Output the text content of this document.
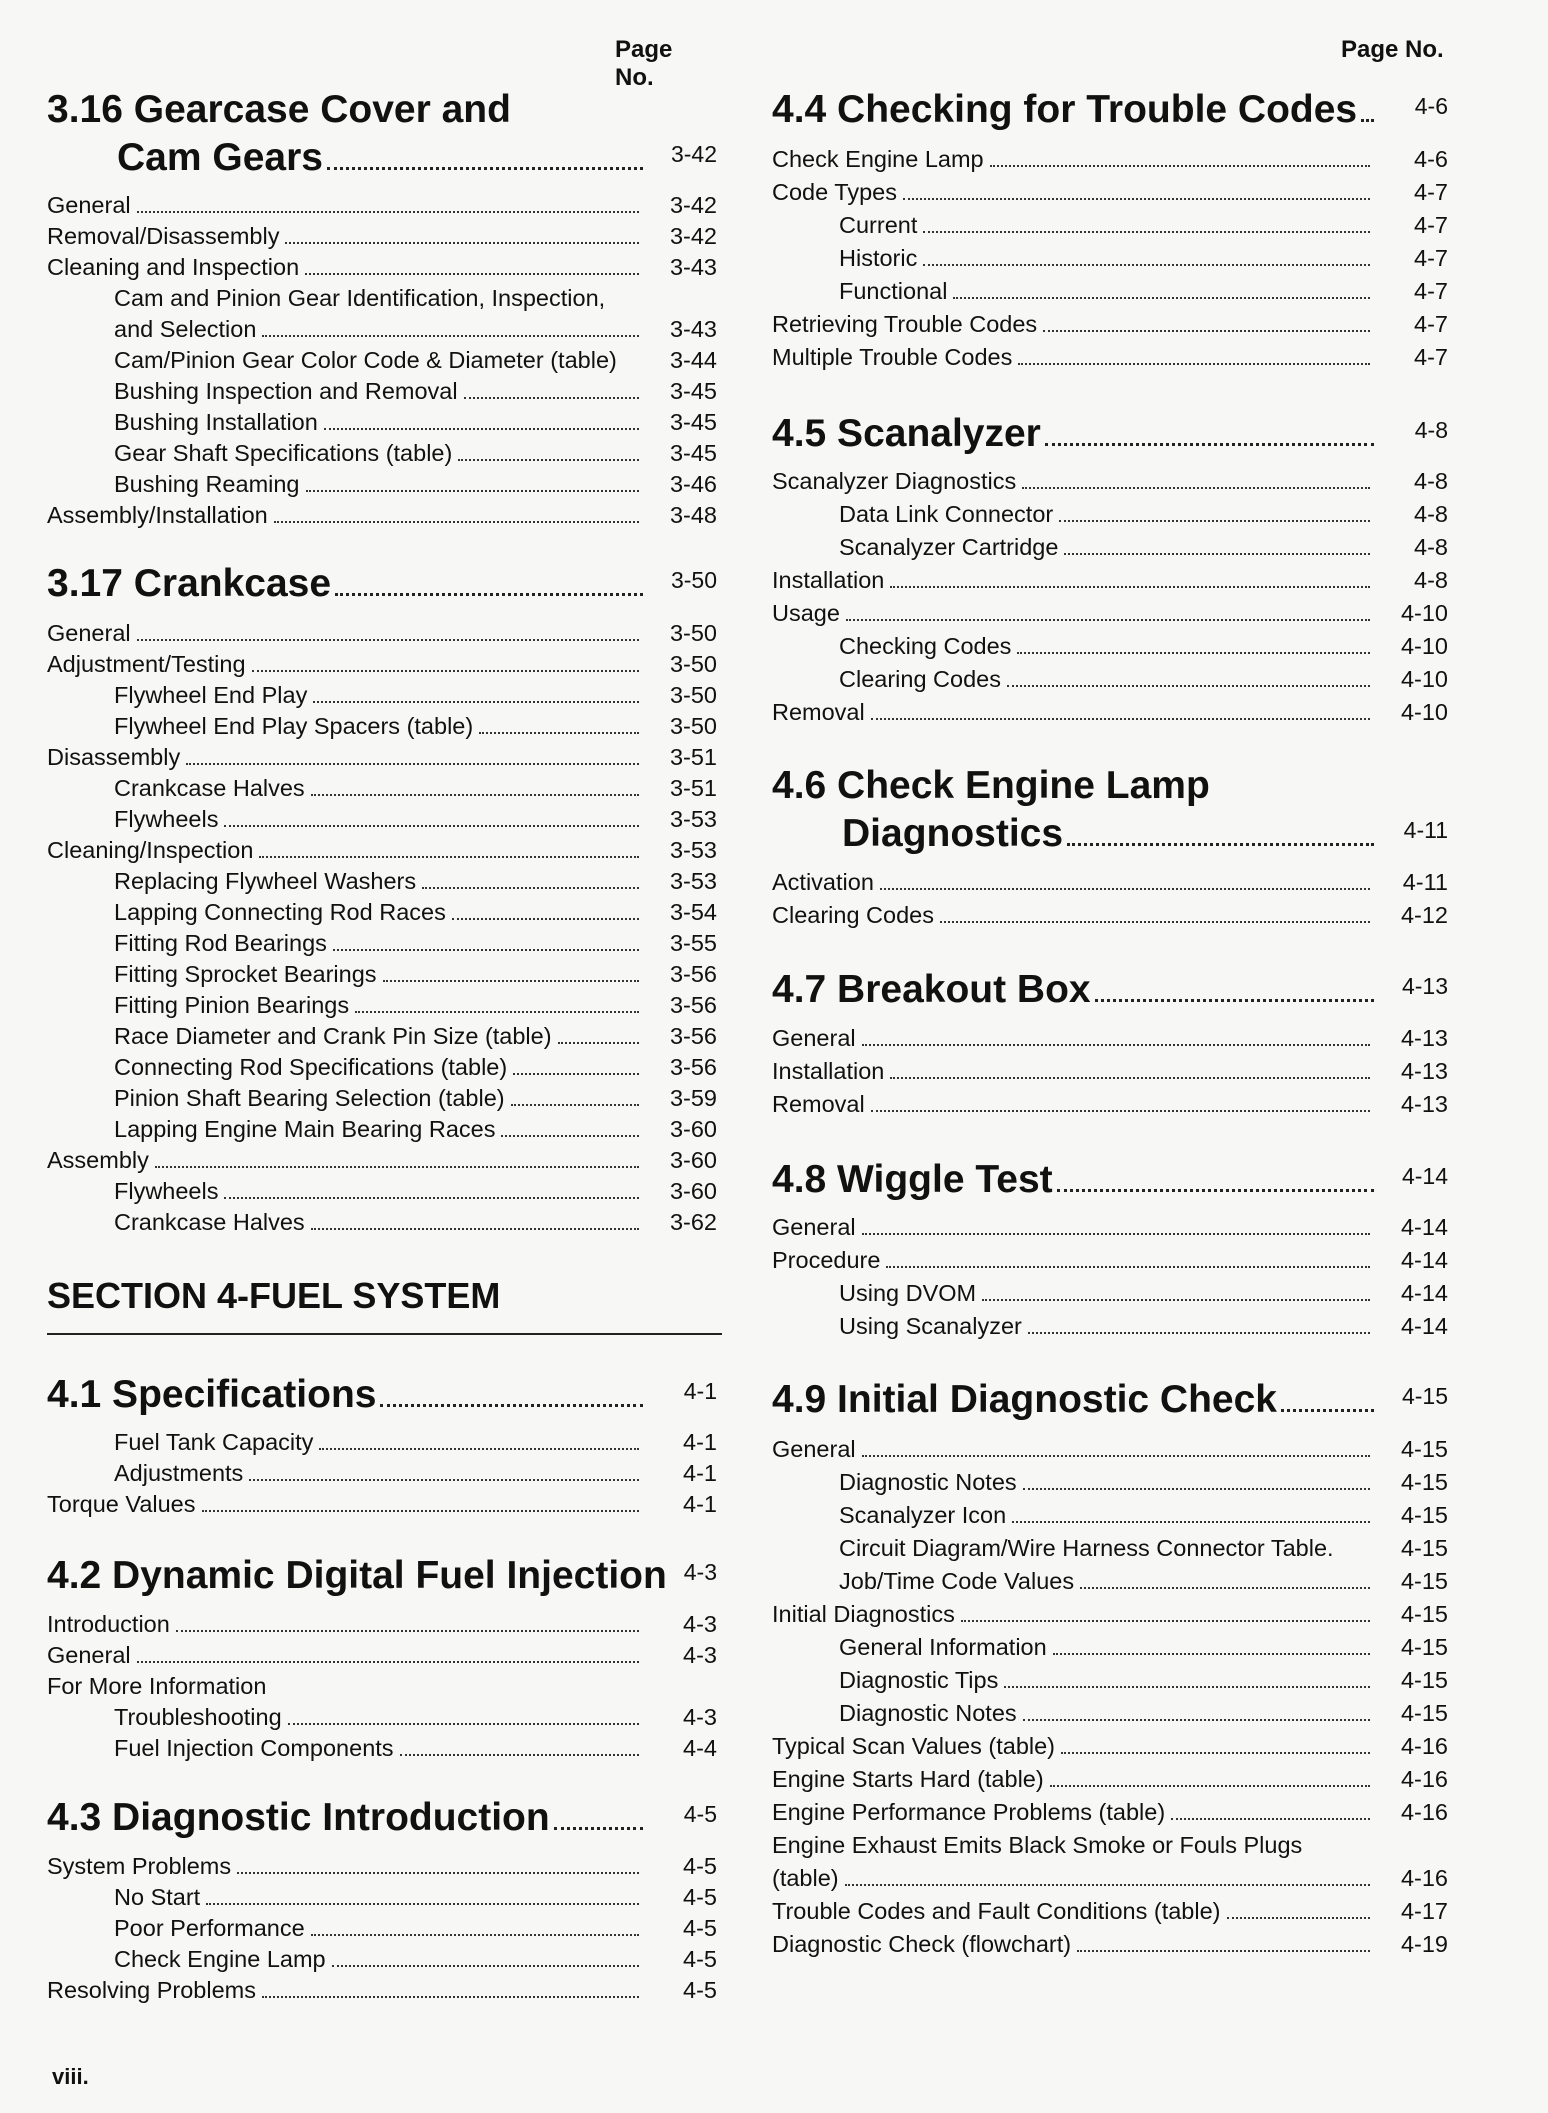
Page No.
3.16 Gearcase Cover and
Cam Gears	3-42
General	3-42
Removal/Disassembly	3-42
Cleaning and Inspection	3-43
Cam and Pinion Gear Identification, Inspection,
and Selection	3-43
Cam/Pinion Gear Color Code & Diameter (table)	3-44
Bushing Inspection and Removal	3-45
Bushing Installation	3-45
Gear Shaft Specifications (table)	3-45
Bushing Reaming	3-46
Assembly/Installation	3-48
3.17 Crankcase	3-50
General	3-50
Adjustment/Testing	3-50
Flywheel End Play	3-50
Flywheel End Play Spacers (table)	3-50
Disassembly	3-51
Crankcase Halves	3-51
Flywheels	3-53
Cleaning/Inspection	3-53
Replacing Flywheel Washers	3-53
Lapping Connecting Rod Races	3-54
Fitting Rod Bearings	3-55
Fitting Sprocket Bearings	3-56
Fitting Pinion Bearings	3-56
Race Diameter and Crank Pin Size (table)	3-56
Connecting Rod Specifications (table)	3-56
Pinion Shaft Bearing Selection (table)	3-59
Lapping Engine Main Bearing Races	3-60
Assembly	3-60
Flywheels	3-60
Crankcase Halves	3-62
SECTION 4-FUEL SYSTEM
4.1 Specifications	4-1
Fuel Tank Capacity	4-1
Adjustments	4-1
Torque Values	4-1
4.2 Dynamic Digital Fuel Injection 4-3
Introduction	4-3
General	4-3
For More Information
Troubleshooting	4-3
Fuel Injection Components	4-4
4.3 Diagnostic Introduction	4-5
System Problems	4-5
No Start	4-5
Poor Performance	4-5
Check Engine Lamp	4-5
Resolving Problems	4-5
Page No.
4.4 Checking for Trouble Codes	4-6
Check Engine Lamp	4-6
Code Types	4-7
Current	4-7
Historic	4-7
Functional	4-7
Retrieving Trouble Codes	4-7
Multiple Trouble Codes	4-7
4.5 Scanalyzer	4-8
Scanalyzer Diagnostics	4-8
Data Link Connector	4-8
Scanalyzer Cartridge	4-8
Installation	4-8
Usage	4-10
Checking Codes	4-10
Clearing Codes	4-10
Removal	4-10
4.6 Check Engine Lamp
Diagnostics	4-11
Activation	4-11
Clearing Codes	4-12
4.7 Breakout Box	4-13
General	4-13
Installation	4-13
Removal	4-13
4.8 Wiggle Test	4-14
General	4-14
Procedure	4-14
Using DVOM	4-14
Using Scanalyzer	4-14
4.9 Initial Diagnostic Check	4-15
General	4-15
Diagnostic Notes	4-15
Scanalyzer Icon	4-15
Circuit Diagram/Wire Harness Connector Table.	4-15
Job/Time Code Values	4-15
Initial Diagnostics	4-15
General Information	4-15
Diagnostic Tips	4-15
Diagnostic Notes	4-15
Typical Scan Values (table)	4-16
Engine Starts Hard (table)	4-16
Engine Performance Problems (table)	4-16
Engine Exhaust Emits Black Smoke or Fouls Plugs
(table)	4-16
Trouble Codes and Fault Conditions (table)	4-17
Diagnostic Check (flowchart)	4-19
viii.
